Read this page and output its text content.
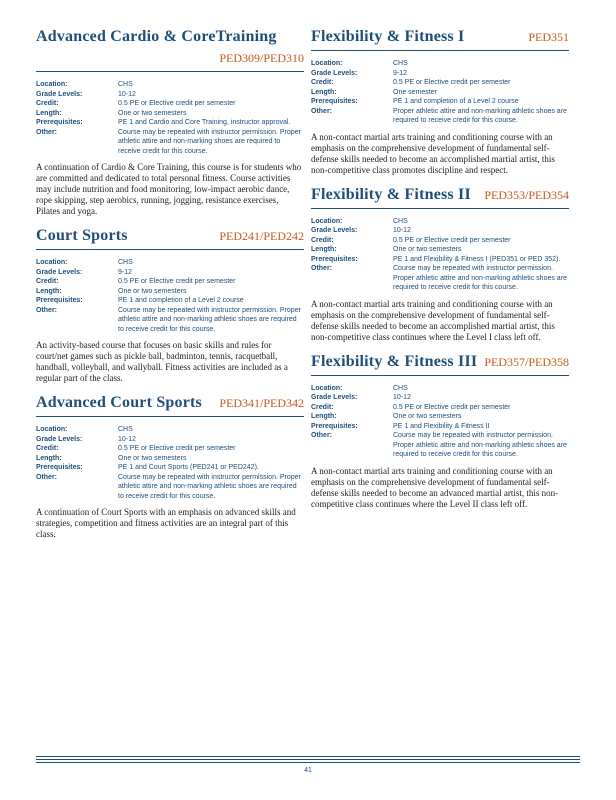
Advanced Cardio & CoreTraining
PED309/PED310
Location:	CHS
Grade Levels:	10-12
Credit:	0.5 PE or Elective credit per semester
Length:	One or two semesters
Prerequisites:	PE 1 and Cardio and Core Training, instructor approval.
Other:	Course may be repeated with instructor permission. Proper athletic attire and non-marking shoes are required to receive credit for this course.
A continuation of Cardio & Core Training, this course is for students who are committed and dedicated to total personal fitness. Course activities may include nutrition and food monitoring, low-impact aerobic dance, rope skipping, step aerobics, running, jogging, resistance exercises, Pilates and yoga.
Court Sports	PED241/PED242
Location:	CHS
Grade Levels:	9-12
Credit:	0.5 PE or Elective credit per semester
Length:	One or two semesters
Prerequisites:	PE 1 and completion of a Level 2 course
Other:	Course may be repeated with instructor permission. Proper athletic attire and non-marking athletic shoes are required to receive credit for this course.
An activity-based course that focuses on basic skills and rules for court/net games such as pickle ball, badminton, tennis, racquetball, handball, volleyball, and wallyball. Fitness activities are included as a regular part of the class.
Advanced Court Sports PED341/PED342
Location:	CHS
Grade Levels:	10-12
Credit:	0.5 PE or Elective credit per semester
Length:	One or two semesters
Prerequisites:	PE 1 and Court Sports (PED241 or PED242).
Other:	Course may be repeated with instructor permission. Proper athletic attire and non-marking athletic shoes are required to receive credit for this course.
A continuation of Court Sports with an emphasis on advanced skills and strategies, competition and fitness activities are an integral part of this class.
Flexibility & Fitness I	PED351
Location:	CHS
Grade Levels:	9-12
Credit:	0.5 PE or Elective credit per semester
Length:	One semester
Prerequisites:	PE 1 and completion of a Level 2 course
Other:	Proper athletic attire and non-marking athletic shoes are required to receive credit for this course.
A non-contact martial arts training and conditioning course with an emphasis on the comprehensive development of fundamental self-defense skills needed to become an accomplished martial artist, this non-competitive class promotes discipline and respect.
Flexibility & Fitness II PED353/PED354
Location:	CHS
Grade Levels:	10-12
Credit:	0.5 PE or Elective credit per semester
Length:	One or two semesters
Prerequisites:	PE 1 and Flexibility & Fitness I (PED351 or PED 352).
Other:	Course may be repeated with instructor permission. Proper athletic attire and non-marking athletic shoes are required to receive credit for this course.
A non-contact martial arts training and conditioning course with an emphasis on the comprehensive development of fundamental self-defense skills needed to become an accomplished martial artist, this non-competitive class continues where the Level I class left off.
Flexibility & Fitness III PED357/PED358
Location:	CHS
Grade Levels:	10-12
Credit:	0.5 PE or Elective credit per semester
Length:	One or two semesters
Prerequisites:	PE 1 and Flexibility & Fitness II
Other:	Course may be repeated with instructor permission. Proper athletic attire and non-marking athletic shoes are required to receive credit for this course.
A non-contact martial arts training and conditioning course with an emphasis on the comprehensive development of fundamental self-defense skills needed to become an advanced martial artist, this non-competitive class continues where the Level II class left off.
41
